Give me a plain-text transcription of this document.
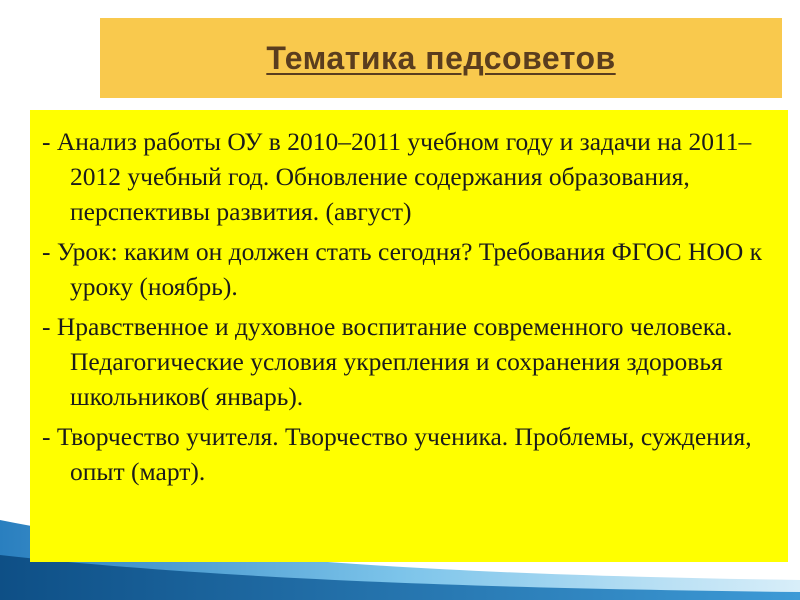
Тематика педсоветов

- Анализ работы ОУ в 2010–2011 учебном году и задачи на 2011–2012 учебный год. Обновление содержания образования, перспективы развития. (август)

- Урок: каким он должен стать сегодня? Требования ФГОС НОО к уроку (ноябрь).

- Нравственное и духовное воспитание современного человека. Педагогические условия укрепления и сохранения здоровья школьников( январь).

- Творчество учителя. Творчество ученика. Проблемы, суждения, опыт (март).
